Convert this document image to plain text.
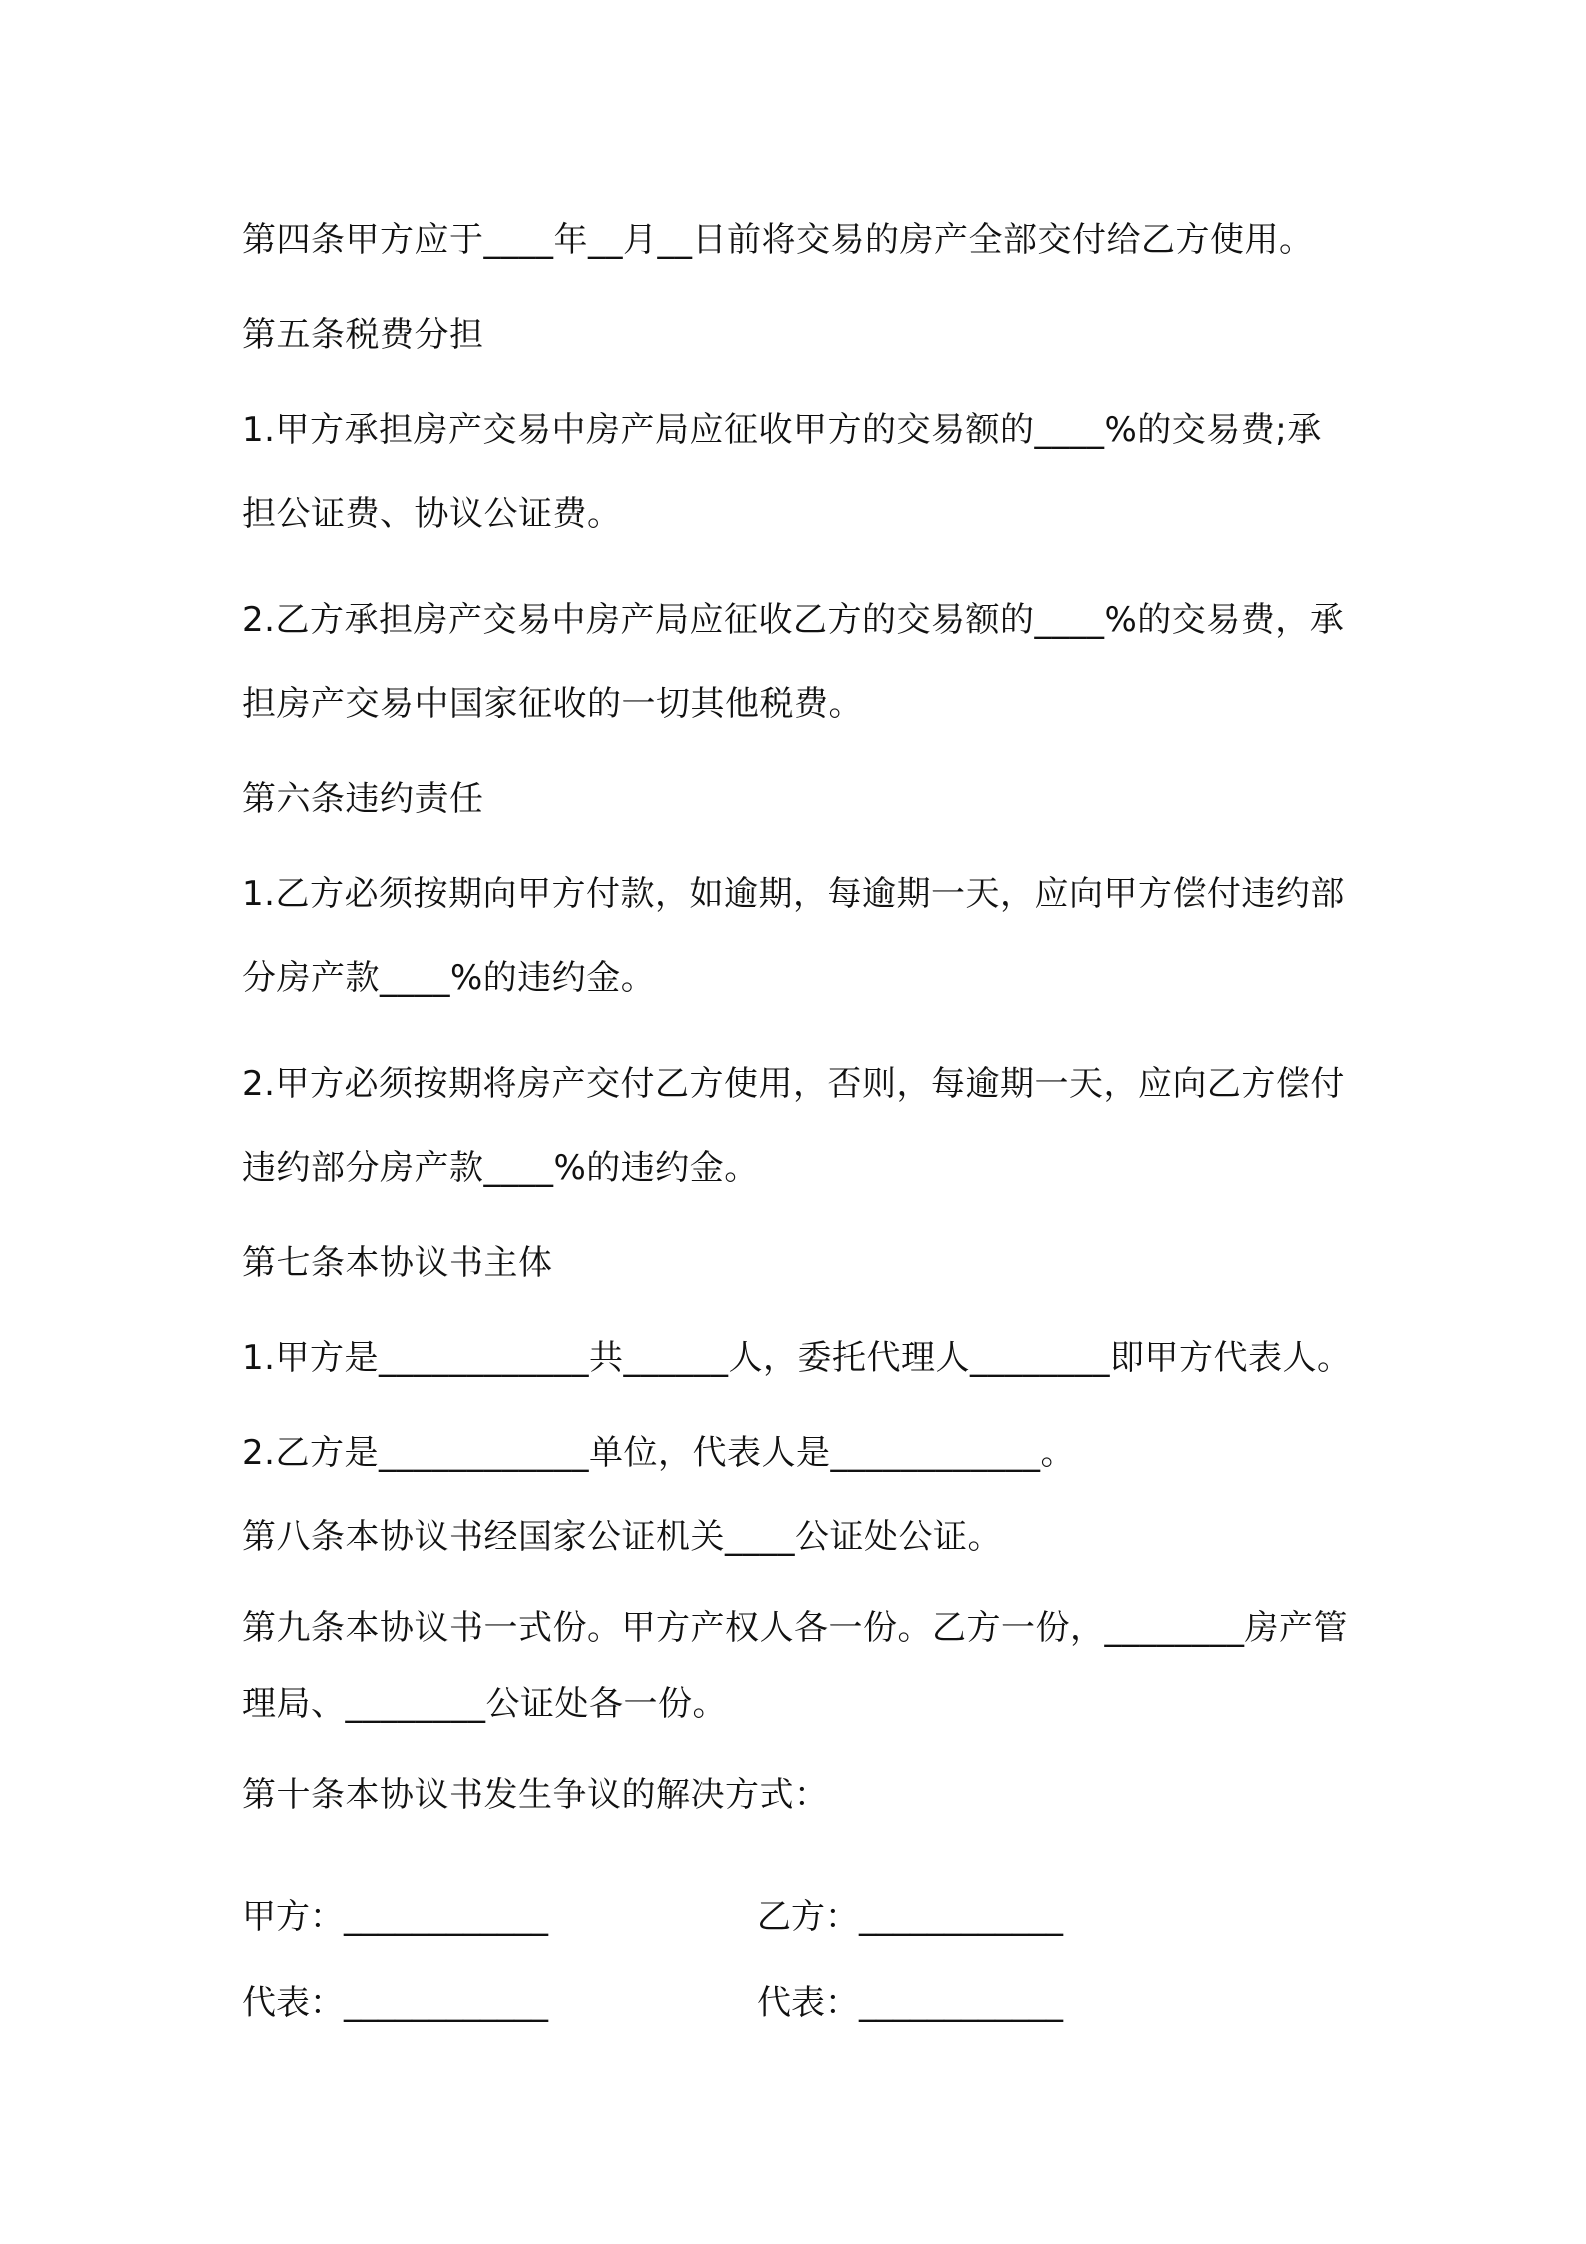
第四条甲方应于____年__月__日前将交易的房产全部交付给乙方使用。

第五条税费分担

1.甲方承担房产交易中房产局应征收甲方的交易额的____%的交易费;承担公证费、协议公证费。

2.乙方承担房产交易中房产局应征收乙方的交易额的____%的交易费，承担房产交易中国家征收的一切其他税费。

第六条违约责任

1.乙方必须按期向甲方付款，如逾期，每逾期一天，应向甲方偿付违约部分房产款____%的违约金。

2.甲方必须按期将房产交付乙方使用，否则，每逾期一天，应向乙方偿付违约部分房产款____%的违约金。

第七条本协议书主体

1.甲方是____________共______人，委托代理人________即甲方代表人。

2.乙方是____________单位，代表人是____________。

第八条本协议书经国家公证机关____公证处公证。

第九条本协议书一式份。甲方产权人各一份。乙方一份，________房产管理局、________公证处各一份。

第十条本协议书发生争议的解决方式：

甲方：____________	乙方：____________
代表：____________	代表：____________
